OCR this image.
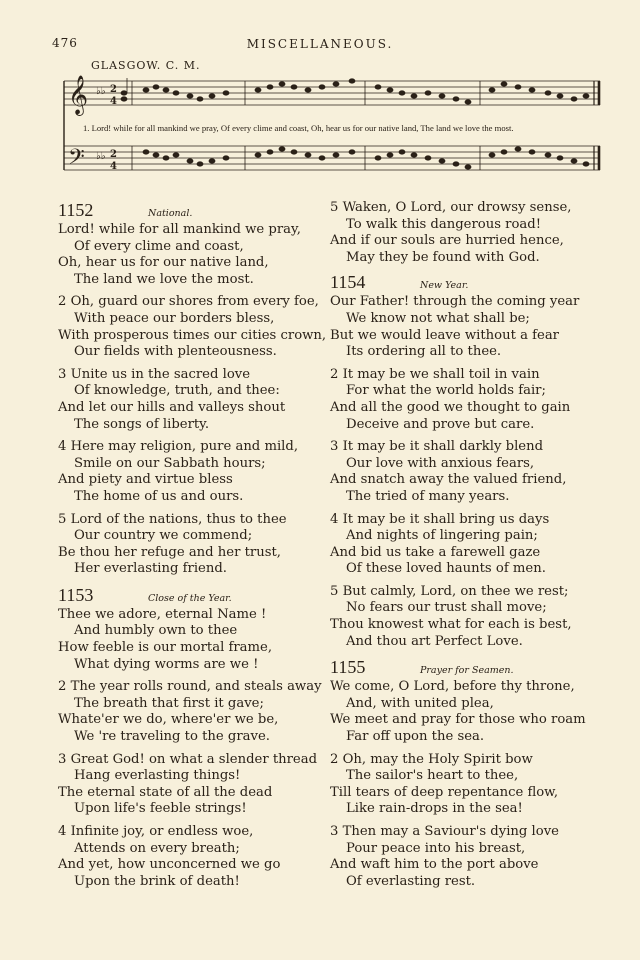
476	MISCELLANEOUS.
𝄞
𝄢
♭♭
♭♭
2
4
2
4
GLASGOW. C. M.
1. Lord! while for all mankind we pray, Of every clime and coast, Oh, hear us for our native land, The land we love the most.
1152	National.
Lord! while for all mankind we pray,
Of every clime and coast,
Oh, hear us for our native land,
The land we love the most.
2 Oh, guard our shores from every foe,
With peace our borders bless,
With prosperous times our cities crown,
Our fields with plenteousness.
3 Unite us in the sacred love
Of knowledge, truth, and thee:
And let our hills and valleys shout
The songs of liberty.
4 Here may religion, pure and mild,
Smile on our Sabbath hours;
And piety and virtue bless
The home of us and ours.
5 Lord of the nations, thus to thee
Our country we commend;
Be thou her refuge and her trust,
Her everlasting friend.
1153	Close of the Year.
Thee we adore, eternal Name !
And humbly own to thee
How feeble is our mortal frame,
What dying worms are we !
2 The year rolls round, and steals away
The breath that first it gave;
Whate'er we do, where'er we be,
We 're traveling to the grave.
3 Great God! on what a slender thread
Hang everlasting things!
The eternal state of all the dead
Upon life's feeble strings!
4 Infinite joy, or endless woe,
Attends on every breath;
And yet, how unconcerned we go
Upon the brink of death!
5 Waken, O Lord, our drowsy sense,
To walk this dangerous road!
And if our souls are hurried hence,
May they be found with God.
1154	New Year.
Our Father! through the coming year
We know not what shall be;
But we would leave without a fear
Its ordering all to thee.
2 It may be we shall toil in vain
For what the world holds fair;
And all the good we thought to gain
Deceive and prove but care.
3 It may be it shall darkly blend
Our love with anxious fears,
And snatch away the valued friend,
The tried of many years.
4 It may be it shall bring us days
And nights of lingering pain;
And bid us take a farewell gaze
Of these loved haunts of men.
5 But calmly, Lord, on thee we rest;
No fears our trust shall move;
Thou knowest what for each is best,
And thou art Perfect Love.
1155	Prayer for Seamen.
We come, O Lord, before thy throne,
And, with united plea,
We meet and pray for those who roam
Far off upon the sea.
2 Oh, may the Holy Spirit bow
The sailor's heart to thee,
Till tears of deep repentance flow,
Like rain-drops in the sea!
3 Then may a Saviour's dying love
Pour peace into his breast,
And waft him to the port above
Of everlasting rest.
